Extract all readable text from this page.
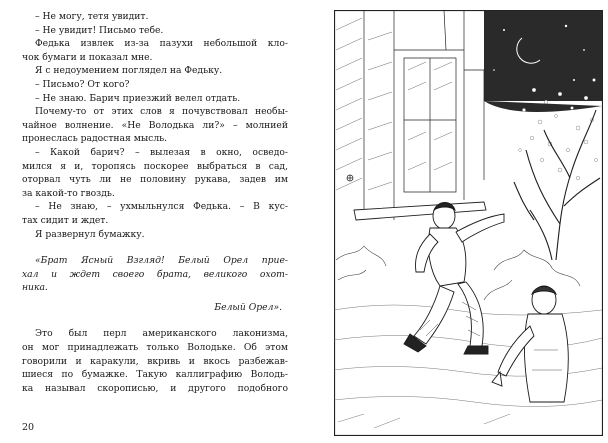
– Не могу, тетя увидит.
– Не увидит! Письмо тебе.
Федька извлек из-за пазухи небольшой кло-
чок бумаги и показал мне.
Я с недоумением поглядел на Федьку.
– Письмо? От кого?
– Не знаю. Барич приезжий велел отдать.
Почему-то от этих слов я почувствовал необы-
чайное волнение. «Не Володька ли?» – молнией
пронеслась радостная мысль.
– Какой барич? – вылезая в окно, осведо-
мился я и, торопясь поскорее выбраться в сад,
оторвал чуть ли не половину рукава, задев им
за какой-то гвоздь.
– Не знаю, – ухмыльнулся Федька. – В кус-
тах сидит и ждет.
Я развернул бумажку.
«Брат Ясный Взгляд! Белый Орел прие-
хал и ждет своего брата, великого охот-
ника.
Белый Орел».
Это был перл американского лаконизма,
он мог принадлежать только Володьке. Об этом
говорили и каракули, вкривь и вкось разбежав-
шиеся по бумажке. Такую каллиграфию Володь-
ка называл скорописью, и другого подобного
20
